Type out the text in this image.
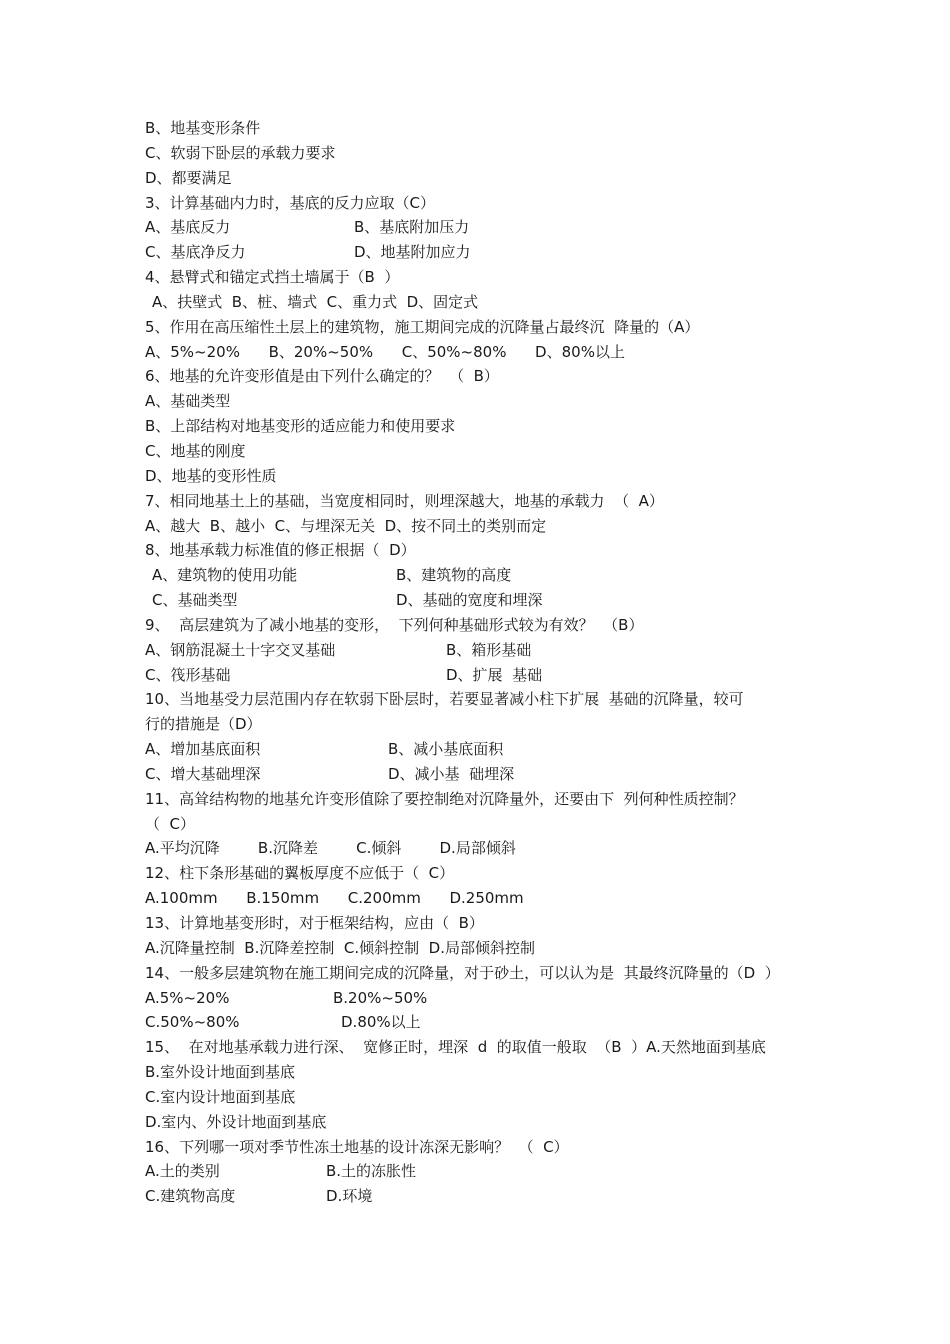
B、地基变形条件
C、软弱下卧层的承载力要求
D、都要满足
3、计算基础内力时，基底的反力应取（C）
A、基底反力	B、基底附加压力
C、基底净反力	D、地基附加应力
4、悬臂式和锚定式挡土墙属于（B  ）
A、扶壁式  B、桩、墙式  C、重力式  D、固定式
5、作用在高压缩性土层上的建筑物，施工期间完成的沉降量占最终沉  降量的（A）
A、5%~20%      B、20%~50%      C、50%~80%      D、80%以上
6、地基的允许变形值是由下列什么确定的？  （  B）
A、基础类型
B、上部结构对地基变形的适应能力和使用要求
C、地基的刚度
D、地基的变形性质
7、相同地基土上的基础，当宽度相同时，则埋深越大，地基的承载力  （  A）
A、越大  B、越小  C、与埋深无关  D、按不同土的类别而定
8、地基承载力标准值的修正根据（  D）
A、建筑物的使用功能	B、建筑物的高度
C、基础类型	D、基础的宽度和埋深
9、  高层建筑为了减小地基的变形，  下列何种基础形式较为有效？  （B）
A、钢筋混凝土十字交叉基础	B、箱形基础
C、筏形基础	D、扩展  基础
10、当地基受力层范围内存在软弱下卧层时，若要显著减小柱下扩展  基础的沉降量，较可
行的措施是（D）
A、增加基底面积	B、减小基底面积
C、增大基础埋深	D、减小基  础埋深
11、高耸结构物的地基允许变形值除了要控制绝对沉降量外，还要由下  列何种性质控制？
（  C）
A.平均沉降        B.沉降差        C.倾斜        D.局部倾斜
12、柱下条形基础的翼板厚度不应低于（  C）
A.100mm      B.150mm      C.200mm      D.250mm
13、计算地基变形时，对于框架结构，应由（  B）
A.沉降量控制  B.沉降差控制  C.倾斜控制  D.局部倾斜控制
14、一般多层建筑物在施工期间完成的沉降量，对于砂土，可以认为是  其最终沉降量的（D  ）
A.5%~20%	B.20%~50%
C.50%~80%	D.80%以上
15、  在对地基承载力进行深、  宽修正时，埋深  d  的取值一般取  （B  ）A.天然地面到基底
B.室外设计地面到基底
C.室内设计地面到基底
D.室内、外设计地面到基底
16、下列哪一项对季节性冻土地基的设计冻深无影响？  （  C）
A.土的类别	B.土的冻胀性
C.建筑物高度	D.环境
